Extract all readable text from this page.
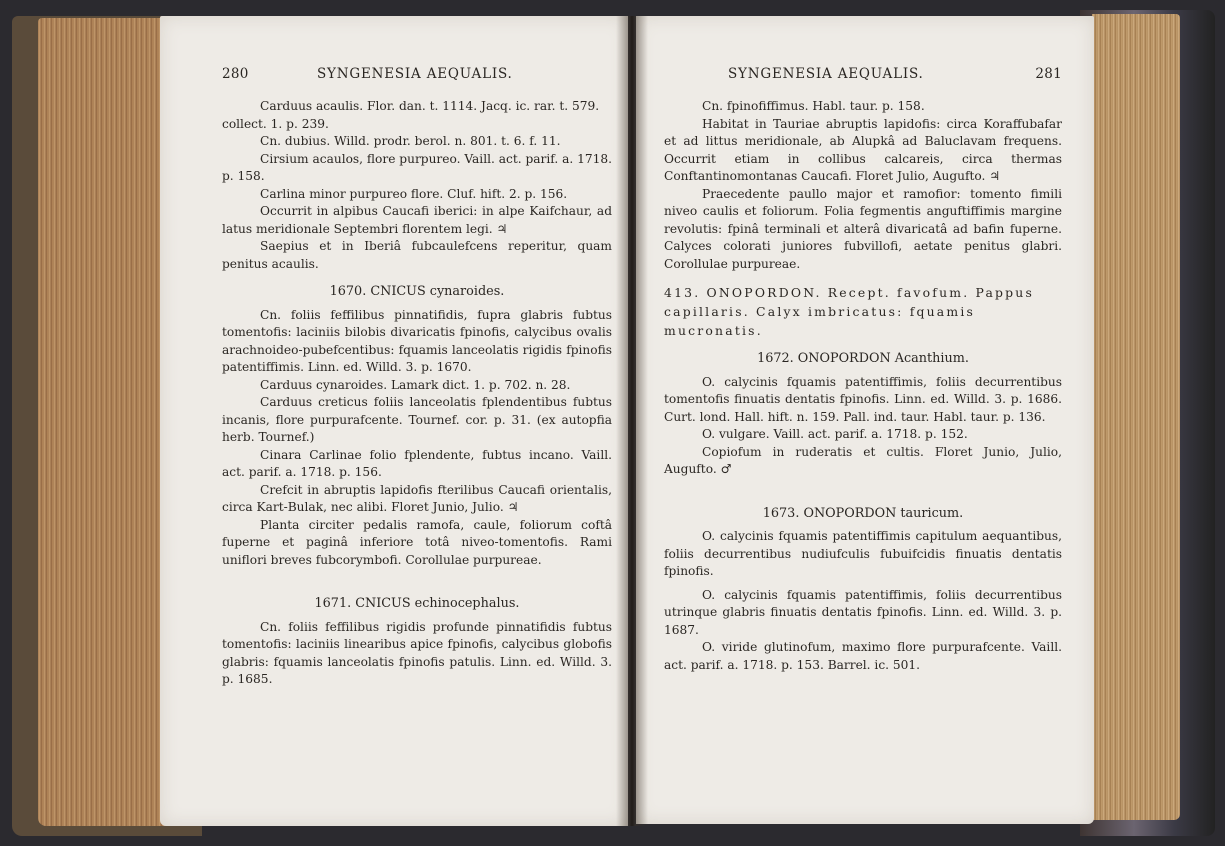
280	SYNGENESIA AEQUALIS.

Carduus acaulis. Flor. dan. t. 1114. Jacq. ic. rar. t. 579.

collect. 1. p. 239.

Cn. dubius. Willd. prodr. berol. n. 801. t. 6. f. 11.

Cirsium acaulos, flore purpureo. Vaill. act. parif. a. 1718.

p. 158.

Carlina minor purpureo flore. Cluf. hift. 2. p. 156.

Occurrit in alpibus Caucafi iberici: in alpe Kaifchaur, ad latus meridionale Septembri florentem legi. ♃

Saepius et in Iberiâ fubcaulefcens reperitur, quam penitus acaulis.

1670. CNICUS cynaroides.

Cn. foliis feffilibus pinnatifidis, fupra glabris fubtus tomentofis: laciniis bilobis divaricatis fpinofis, calycibus ovalis arachnoideo-pubefcentibus: fquamis lanceolatis rigidis fpinofis patentiffimis. Linn. ed. Willd. 3. p. 1670.

Carduus cynaroides. Lamark dict. 1. p. 702. n. 28.

Carduus creticus foliis lanceolatis fplendentibus fubtus incanis, flore purpurafcente. Tournef. cor. p. 31. (ex autopfia herb. Tournef.)

Cinara Carlinae folio fplendente, fubtus incano. Vaill. act. parif. a. 1718. p. 156.

Crefcit in abruptis lapidofis fterilibus Caucafi orientalis, circa Kart-Bulak, nec alibi. Floret Junio, Julio. ♃

Planta circiter pedalis ramofa, caule, foliorum coftâ fuperne et paginâ inferiore totâ niveo-tomentofis. Rami uniflori breves fubcorymbofi. Corollulae purpureae.

1671. CNICUS echinocephalus.

Cn. foliis feffilibus rigidis profunde pinnatifidis fubtus tomentofis: laciniis linearibus apice fpinofis, calycibus globofis glabris: fquamis lanceolatis fpinofis patulis. Linn. ed. Willd. 3. p. 1685.

SYNGENESIA AEQUALIS.	281

Cn. fpinofiffimus. Habl. taur. p. 158.

Habitat in Tauriae abruptis lapidofis: circa Koraffubafar et ad littus meridionale, ab Alupkâ ad Baluclavam frequens. Occurrit etiam in collibus calcareis, circa thermas Conftantinomontanas Caucafi. Floret Julio, Augufto. ♃

Praecedente paullo major et ramofior: tomento fimili niveo caulis et foliorum. Folia fegmentis anguftiffimis margine revolutis: fpinâ terminali et alterâ divaricatâ ad bafin fuperne. Calyces colorati juniores fubvillofi, aetate penitus glabri. Corollulae purpureae.

413. ONOPORDON. Recept. favofum. Pappus capillaris. Calyx imbricatus: fquamis mucronatis.

1672. ONOPORDON Acanthium.

O. calycinis fquamis patentiffimis, foliis decurrentibus tomentofis finuatis dentatis fpinofis. Linn. ed. Willd. 3. p. 1686. Curt. lond. Hall. hift. n. 159. Pall. ind. taur. Habl. taur. p. 136.

O. vulgare. Vaill. act. parif. a. 1718. p. 152.

Copiofum in ruderatis et cultis. Floret Junio, Julio, Augufto. ♂

1673. ONOPORDON tauricum.

O. calycinis fquamis patentiffimis capitulum aequantibus, foliis decurrentibus nudiufculis fubuifcidis finuatis dentatis fpinofis.

O. calycinis fquamis patentiffimis, foliis decurrentibus utrinque glabris finuatis dentatis fpinofis. Linn. ed. Willd. 3. p. 1687.

O. viride glutinofum, maximo flore purpurafcente. Vaill. act. parif. a. 1718. p. 153. Barrel. ic. 501.
